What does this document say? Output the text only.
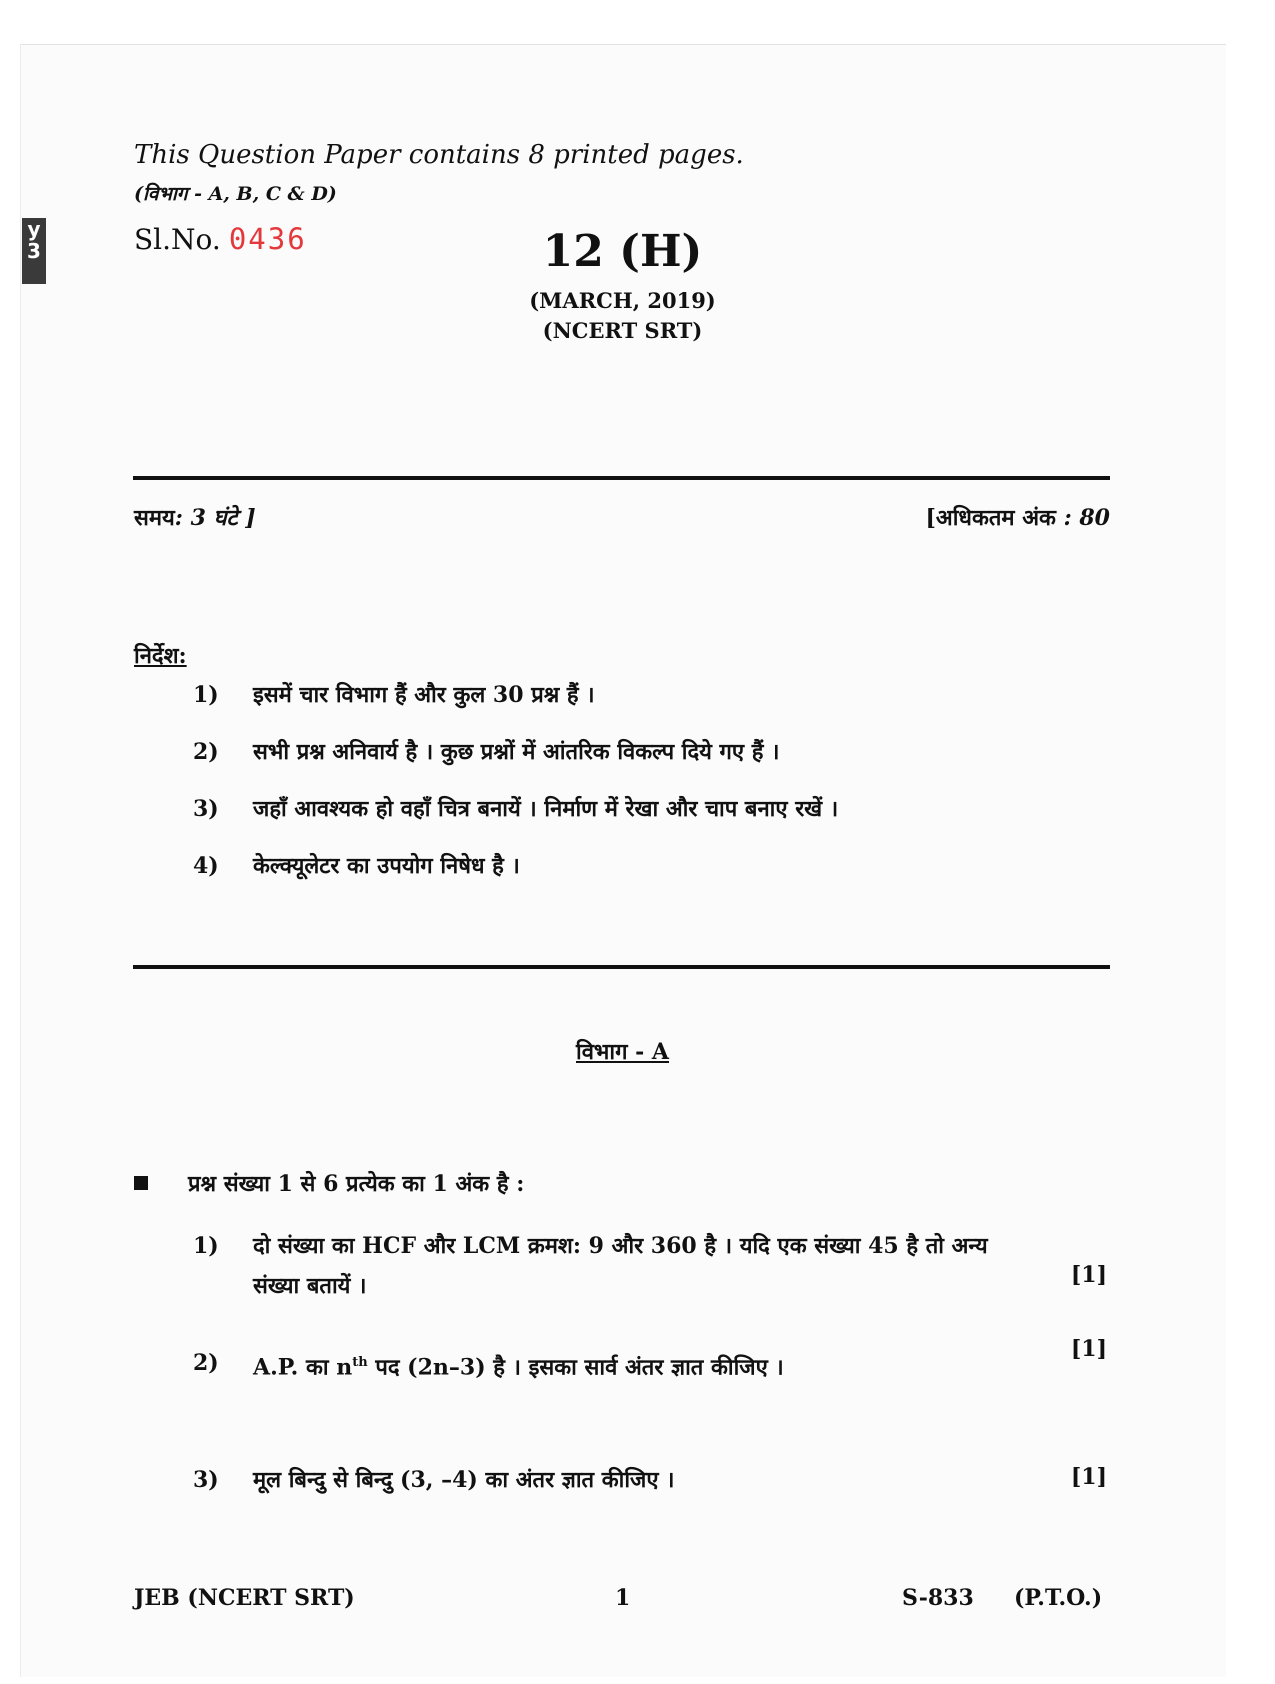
y
3
This Question Paper contains 8 printed pages.
(विभाग - A, B, C & D)
Sl.No. 0436	12 (H)
(MARCH, 2019)
(NCERT SRT)
समय: 3 घंटे ]	[अधिकतम अंक : 80
निर्देश:
1) इसमें चार विभाग हैं और कुल 30 प्रश्न हैं ।
2) सभी प्रश्न अनिवार्य है । कुछ प्रश्नों में आंतरिक विकल्प दिये गए हैं ।
3) जहाँ आवश्यक हो वहाँ चित्र बनायें । निर्माण में रेखा और चाप बनाए रखें ।
4) केल्क्यूलेटर का उपयोग निषेध है ।
विभाग - A
प्रश्न संख्या 1 से 6 प्रत्येक का 1 अंक है :
1) दो संख्या का HCF और LCM क्रमश: 9 और 360 है । यदि एक संख्या 45 है तो अन्य
संख्या बतायें ।	[1]
2) A.P. का $n^{th}$ पद (2n–3) है । इसका सार्व अंतर ज्ञात कीजिए ।
[1]
3) मूल बिन्दु से बिन्दु (3, –4) का अंतर ज्ञात कीजिए ।	[1]
JEB (NCERT SRT)	1	S-833 (P.T.O.)
